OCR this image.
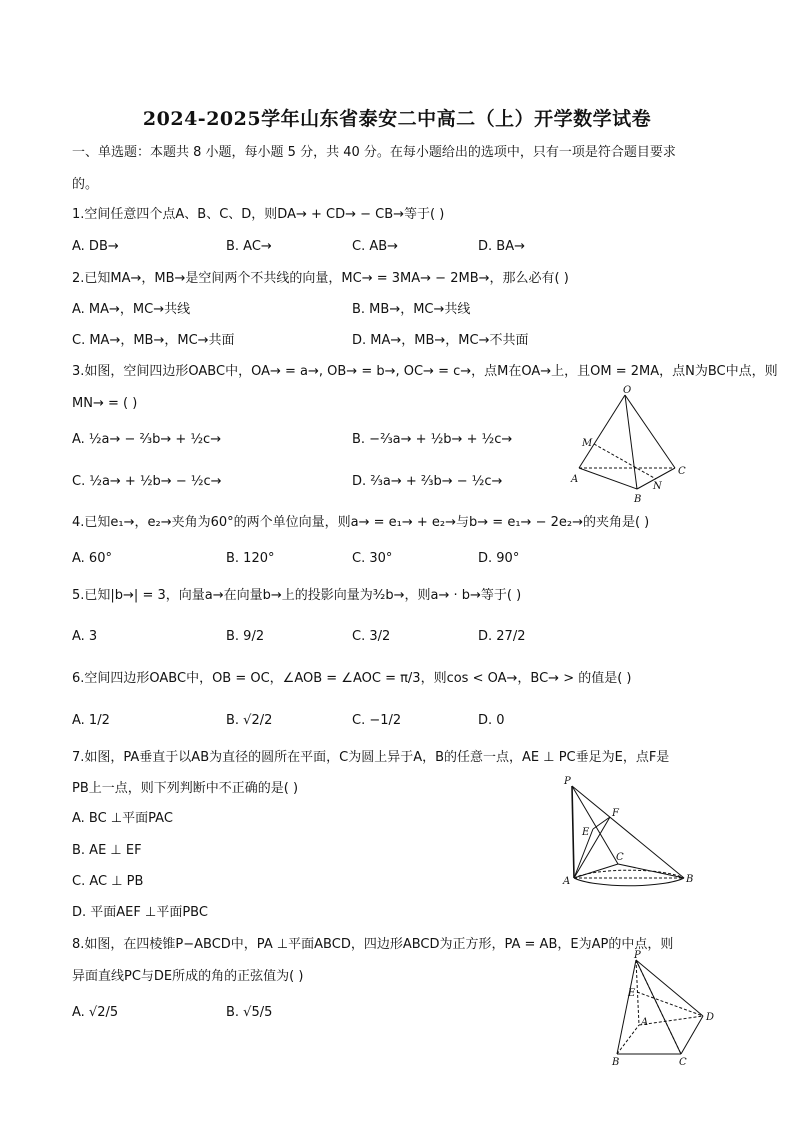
2024-2025学年山东省泰安二中高二（上）开学数学试卷
一、单选题：本题共 8 小题，每小题 5 分，共 40 分。在每小题给出的选项中，只有一项是符合题目要求
的。
1.空间任意四个点A、B、C、D，则DA→ + CD→ − CB→等于( )
A. DB→	B. AC→	C. AB→	D. BA→
2.已知MA→，MB→是空间两个不共线的向量，MC→ = 3MA→ − 2MB→，那么必有( )
A. MA→，MC→共线	B. MB→，MC→共线
C. MA→，MB→，MC→共面	D. MA→，MB→，MC→不共面
3.如图，空间四边形OABC中，OA→ = a→, OB→ = b→, OC→ = c→，点M在OA→上，且OM = 2MA，点N为BC中点，则
MN→ = ( )
A. ½a→ − ⅔b→ + ½c→	B. −⅔a→ + ½b→ + ½c→
C. ½a→ + ½b→ − ½c→	D. ⅔a→ + ⅔b→ − ½c→
O
M
A
B
N
C
4.已知e₁→，e₂→夹角为60°的两个单位向量，则a→ = e₁→ + e₂→与b→ = e₁→ − 2e₂→的夹角是( )
A. 60°	B. 120°	C. 30°	D. 90°
5.已知|b→| = 3，向量a→在向量b→上的投影向量为³⁄₂b→，则a→ · b→等于( )
A. 3	B. 9/2	C. 3/2	D. 27/2
6.空间四边形OABC中，OB = OC，∠AOB = ∠AOC = π/3，则cos < OA→，BC→ > 的值是( )
A. 1/2	B. √2/2	C. −1/2	D. 0
7.如图，PA垂直于以AB为直径的圆所在平面，C为圆上异于A，B的任意一点，AE ⊥ PC垂足为E，点F是
PB上一点，则下列判断中不正确的是( )
A. BC ⊥平面PAC
B. AE ⊥ EF
C. AC ⊥ PB
D. 平面AEF ⊥平面PBC
P
F
E
C
A	B
8.如图，在四棱锥P−ABCD中，PA ⊥平面ABCD，四边形ABCD为正方形，PA = AB，E为AP的中点，则
异面直线PC与DE所成的角的正弦值为( )
A. √2/5	B. √5/5
P
E
A	D
B	C
